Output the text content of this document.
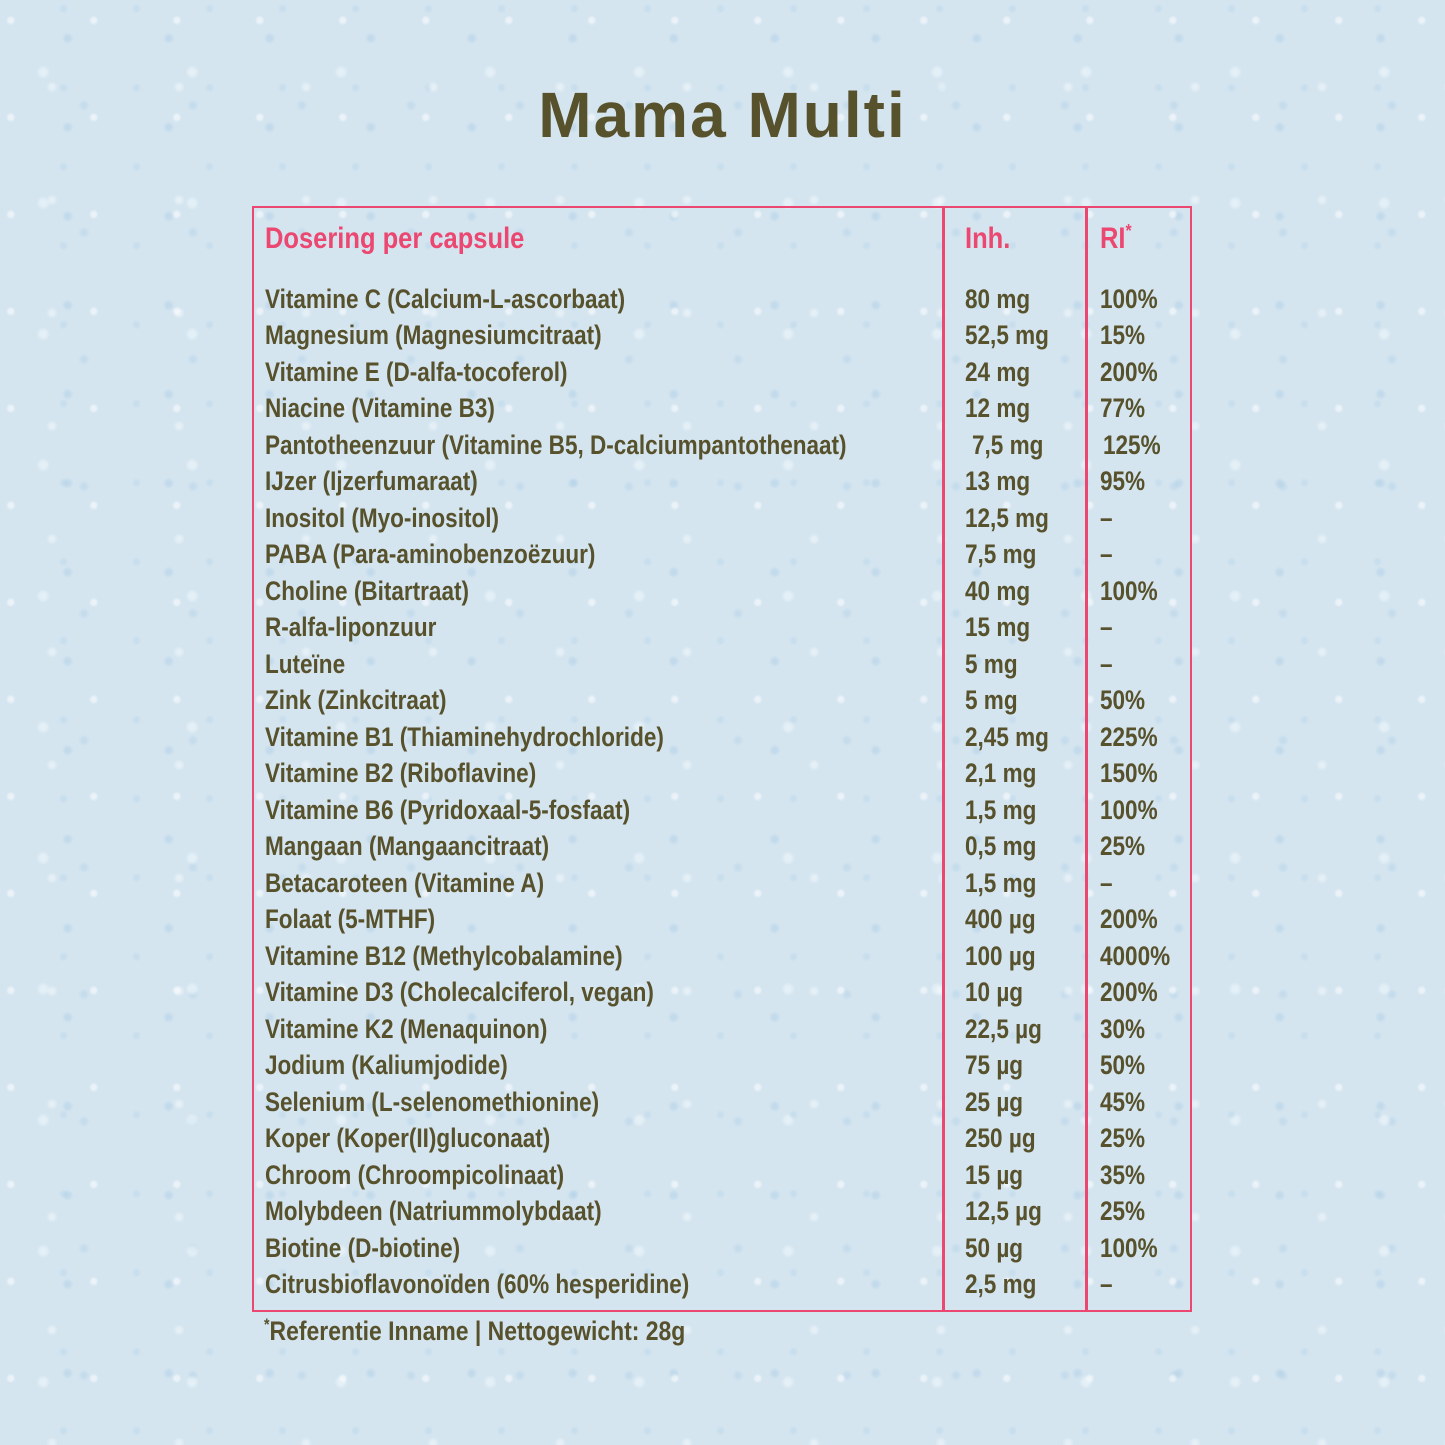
Mama Multi
Dosering per capsule	Inh.	RI*
Vitamine C (Calcium-L-ascorbaat)	80 mg	100%
Magnesium (Magnesiumcitraat)	52,5 mg	15%
Vitamine E (D-alfa-tocoferol)	24 mg	200%
Niacine (Vitamine B3)	12 mg	77%
Pantotheenzuur (Vitamine B5, D-calciumpantothenaat)	7,5 mg	125%
IJzer (Ijzerfumaraat)	13 mg	95%
Inositol (Myo-inositol)	12,5 mg	–
PABA (Para-aminobenzoëzuur)	7,5 mg	–
Choline (Bitartraat)	40 mg	100%
R-alfa-liponzuur	15 mg	–
Luteïne	5 mg	–
Zink (Zinkcitraat)	5 mg	50%
Vitamine B1 (Thiaminehydrochloride)	2,45 mg	225%
Vitamine B2 (Riboflavine)	2,1 mg	150%
Vitamine B6 (Pyridoxaal-5-fosfaat)	1,5 mg	100%
Mangaan (Mangaancitraat)	0,5 mg	25%
Betacaroteen (Vitamine A)	1,5 mg	–
Folaat (5-MTHF)	400 µg	200%
Vitamine B12 (Methylcobalamine)	100 µg	4000%
Vitamine D3 (Cholecalciferol, vegan)	10 µg	200%
Vitamine K2 (Menaquinon)	22,5 µg	30%
Jodium (Kaliumjodide)	75 µg	50%
Selenium (L-selenomethionine)	25 µg	45%
Koper (Koper(II)gluconaat)	250 µg	25%
Chroom (Chroompicolinaat)	15 µg	35%
Molybdeen (Natriummolybdaat)	12,5 µg	25%
Biotine (D-biotine)	50 µg	100%
Citrusbioflavonoïden (60% hesperidine)	2,5 mg	–
*Referentie Inname | Nettogewicht: 28g
